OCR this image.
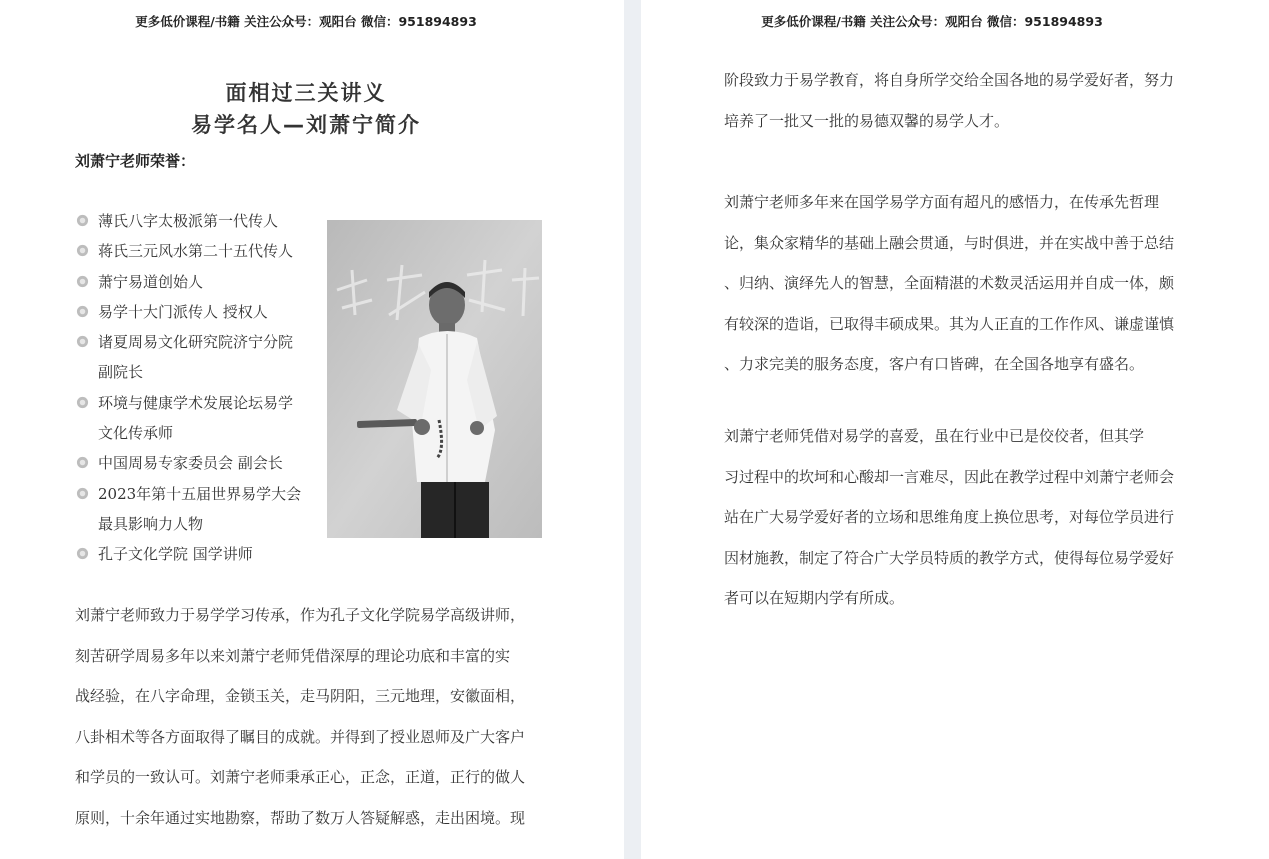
更多低价课程/书籍 关注公众号：观阳台 微信：951894893
面相过三关讲义
易学名人—刘萧宁简介
刘萧宁老师荣誉：
薄氏八字太极派第一代传人
蒋氏三元风水第二十五代传人
萧宁易道创始人
易学十大门派传人 授权人
诸夏周易文化研究院济宁分院
副院长
环境与健康学术发展论坛易学
文化传承师
中国周易专家委员会 副会长
2023年第十五届世界易学大会
最具影响力人物
孔子文化学院 国学讲师

刘萧宁老师致力于易学学习传承，作为孔子文化学院易学高级讲师，
刻苦研学周易多年以来刘萧宁老师凭借深厚的理论功底和丰富的实
战经验，在八字命理，金锁玉关，走马阴阳，三元地理，安徽面相，
八卦相术等各方面取得了瞩目的成就。并得到了授业恩师及广大客户
和学员的一致认可。刘萧宁老师秉承正心，正念，正道，正行的做人
原则，十余年通过实地勘察，帮助了数万人答疑解惑，走出困境。现

更多低价课程/书籍 关注公众号：观阳台 微信：951894893

阶段致力于易学教育，将自身所学交给全国各地的易学爱好者，努力
培养了一批又一批的易德双馨的易学人才。

刘萧宁老师多年来在国学易学方面有超凡的感悟力，在传承先哲理
论，集众家精华的基础上融会贯通，与时俱进，并在实战中善于总结
、归纳、演绎先人的智慧，全面精湛的术数灵活运用并自成一体，颇
有较深的造诣，已取得丰硕成果。其为人正直的工作作风、谦虚谨慎
、力求完美的服务态度，客户有口皆碑，在全国各地享有盛名。

刘萧宁老师凭借对易学的喜爱，虽在行业中已是佼佼者，但其学
习过程中的坎坷和心酸却一言难尽，因此在教学过程中刘萧宁老师会
站在广大易学爱好者的立场和思维角度上换位思考，对每位学员进行
因材施教，制定了符合广大学员特质的教学方式，使得每位易学爱好
者可以在短期内学有所成。
